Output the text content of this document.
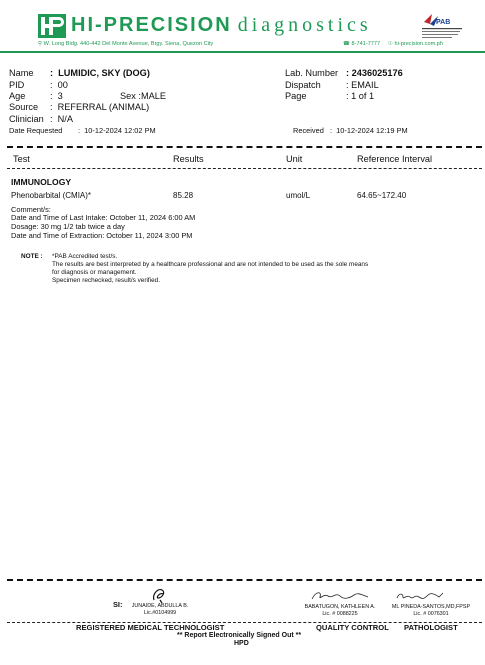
HI-PRECISION diagnostics	PAB
⚲ W. Long Bldg. 440-442 Del Monte Avenue, Brgy. Siena, Quezon City	☎ 8-741-7777     ☉ hi-precision.com.ph
Name :  LUMIDIC, SKY (DOG)
PID	:  00
Age	:  3	Sex :MALE
Source :  REFERRAL (ANIMAL)
Clinician :  N/A
Lab. Number : 2436025176
Dispatch	: EMAIL
Page	: 1 of 1
Date Requested :  10-12-2024 12:02 PM	Received :  10-12-2024 12:19 PM
Test	Results	Unit	Reference Interval
IMMUNOLOGY
Phenobarbital (CMIA)*	85.28	umol/L	64.65~172.40
Comment/s:
Date and Time of Last Intake: October 11, 2024 6:00 AM
Dosage: 30 mg 1/2 tab twice a day
Date and Time of Extraction: October 11, 2024 3:00 PM
NOTE : *PAB Accredited test/s.
The results are best interpreted by a healthcare professional and are not intended to be used as the sole means
for diagnosis or management.
Specimen rechecked, result/s verified.
SI:	JUNAIDE, ABDULLA B.
Lic.#0104999
BABATUGON, KATHLEEN A.
Lic. # 0088225
ML PINEDA-SANTOS,MD,FPSP
Lic. # 0076301
REGISTERED MEDICAL TECHNOLOGIST	QUALITY CONTROL PATHOLOGIST
** Report Electronically Signed Out **
HPD
